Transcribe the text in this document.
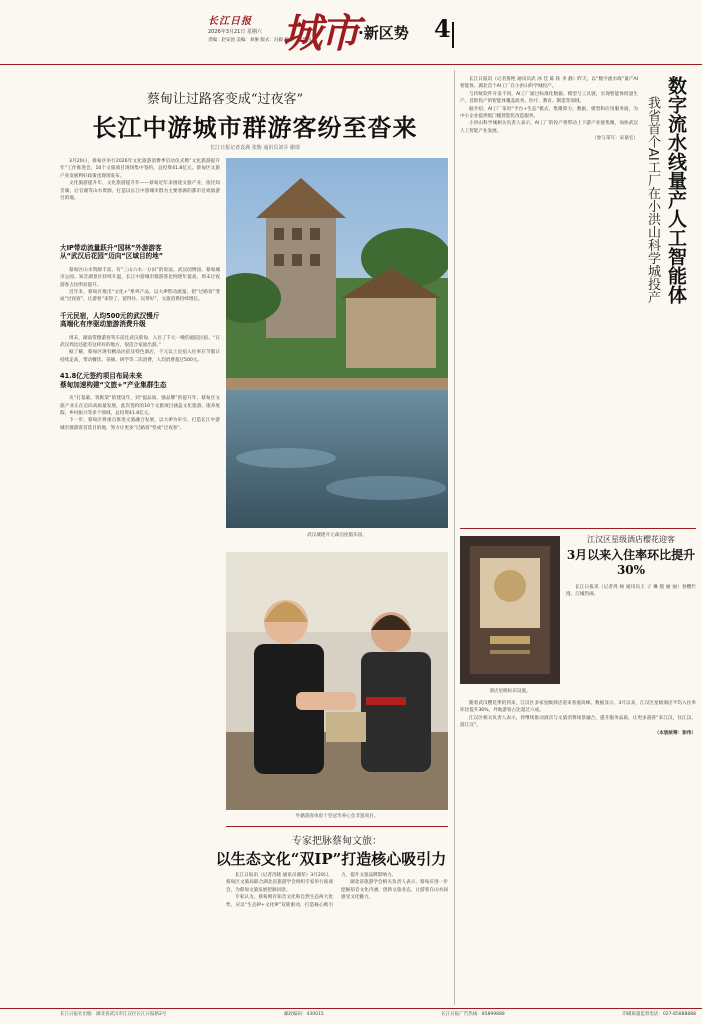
长江日报
2026年3月21日 星期六
责编：赵安团 美编：刘俊 版式：冯毅 校对：徐建桥
城市 ·新区势 4
蔡甸让过路客变成“过夜客”
长江中游城市群游客纷至沓来
长江日报记者袁满 张衡 通讯员刘芬 谢璟

3月20日，蔡甸区举行2026年文化旅游消费季启动仪式暨“文化旅游提升年”工作推进会，10个文旅项目现场集中签约，总投资41.8亿元。蔡甸区文旅产业发展利好政策也现场发布。

文化旅游提升年，文化旅游提升年——蔡甸近年来围绕文旅产业，依托知音湖、后官湖等山水资源，打造以长江中游城市群为主要客源的都市近郊旅游目的地。

大IP带动流量跃升“园林”外游游客
从“武汉后花园”迈向“区域目的地”

蔡甸区山水资源丰富，有“三山六水一分田”的说法。武汉园博园、蔡甸城市公园、知音湖景区持续升温，长江中游城市群游客比例逐年提高，周末过夜游客占比明显提升。

近年来，蔡甸区推出“文化+”系列产品，以大IP带动流量，把“过路客”变成“过夜客”，让游客“来得了、留得住、玩得好”，文旅消费持续增长。

千元民宿，人均500元的武汉慢斤
高端化有序驱动旅游消费升级

周末，湖南常德游客驾车前往武汉蔡甸，入住了千元一晚的庭院民宿。“在武汉周边还能有这样好的地方，很适合家庭出游。”

据了解，蔡甸区现有精品民宿及特色酒店，千元以上民宿入住率在节假日持续走高，带动餐饮、采摘、研学等二次消费，人均消费超过500元。

41.8亿元签约项目布局未来
蔡甸加速构建“文旅+”产业集群生态

从“打基础、筑框架”的建设年，到“提品质、强品牌”的提升年，蔡甸区文旅产业正在迈向高质量发展。此次签约的10个文旅项目涵盖文化旅游、康养度假、乡村振兴等多个领域，总投资41.8亿元。

下一步，蔡甸区将重点推进文旅融合发展，以大IP为牵引，打造长江中游城市群游客首选目的地，努力让更多“过路客”变成“过夜客”。

武汉城建开元森泊度假乐园。
外籍游客体验十里冠华养心会非遗项目。
专家把脉蔡甸文旅：
以生态文化“双IP”打造核心吸引力

长江日报讯（记者肖晓 通讯员谢菲）3月20日，蔡甸区文旅局联合湖北省旅游学会组织专家举行座谈会，为蔡甸文旅发展把脉问诊。

专家认为，蔡甸拥有知音文化和自然生态两大优势，应以“生态IP+文化IP”双轮驱动，打造核心吸引力，提升文旅品牌影响力。

湖北省旅游学会相关负责人表示，蔡甸应进一步挖掘知音文化内涵，创新文旅业态，让游客在山水间感受文化魅力。

数字流水线量产人工智能体
我省首个AI工厂在小洪山科学城投产

长江日报讯（记者鲁艳 通讯员武 冰 佳 陈 轶 李 静）昨天，以“数字流水线”量产AI智能体，湖北首个AI工厂在小洪山科学城投产。

与传统软件开发不同，AI工厂通过标准化数据、模型与工具链，实现智能体批量生产。首批投产的智能体覆盖政务、医疗、教育、制造等领域。

据介绍，AI工厂采用“平台+生态”模式，集聚算力、数据、模型和应用服务商，为中小企业提供低门槛智能化改造服务。

小洪山科学城相关负责人表示，AI工厂的投产将带动上下游产业链集聚，加快武汉人工智能产业发展。

（参与采写：宋嘉宏）

江汉区星级酒店樱花迎客
3月以来入住率环比提升30%
酒店星级标识设施。

长江日报讯（记者周 杨 通讯员王 子 琳 殷 丽 丽）春樱烂漫，江城热闹。

随着武汉樱花季的到来，江汉区多家星级酒店迎来客流高峰。数据显示，3月以来，江汉区星级酒店平均入住率环比提升30%，外地游客占比超过六成。

江汉区相关负责人表示，将继续推动酒店与文旅消费场景融合，提升服务品质，让更多游客“来江汉、住江汉、游江汉”。

（本版统筹：彭伟）

长江日报社出版：湖北省武汉市江汉区长江日报路2号	邮政编码：430015	长江日报广告热线：85899888	印刷质量监督电话：027-85888888
